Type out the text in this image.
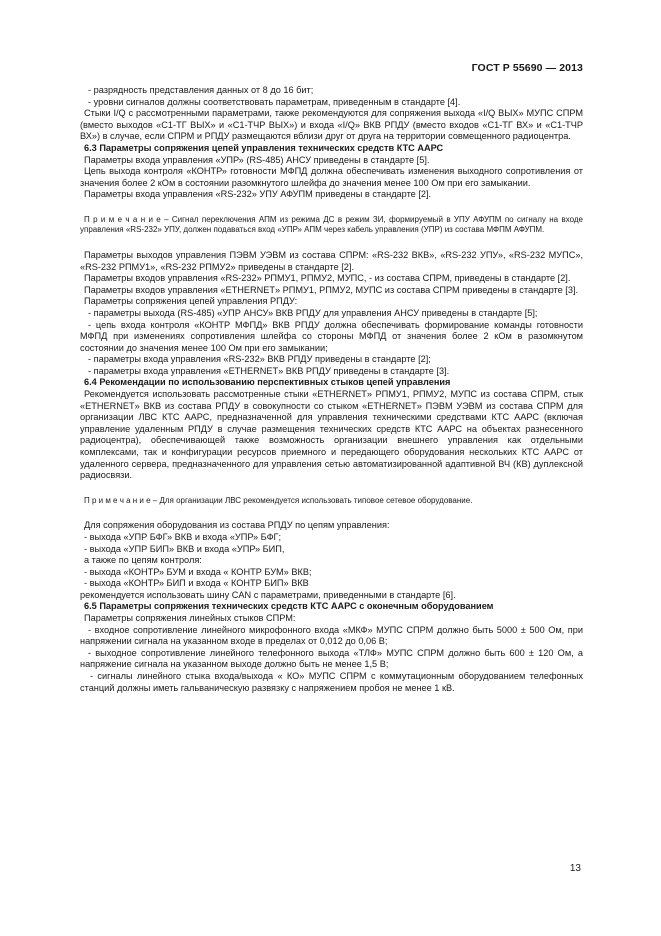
ГОСТ Р 55690 — 2013

- разрядность представления данных от 8 до 16 бит;

- уровни сигналов должны соответствовать параметрам, приведенным в стандарте [4].

Стыки I/Q с рассмотренными параметрами, также рекомендуются для сопряжения выхода «I/Q ВЫХ» МУПС СПРМ (вместо выходов «С1-ТГ ВЫХ» и «С1-ТЧР ВЫХ») и входа «I/Q» ВКВ РПДУ (вместо входов «С1-ТГ ВХ» и «С1-ТЧР ВХ») в случае, если СПРМ и РПДУ размещаются вблизи друг от друга на территории совмещенного радиоцентра.

6.3 Параметры сопряжения цепей управления технических средств КТС ААРС

Параметры входа управления «УПР» (RS-485) АНСУ приведены в стандарте [5].

Цепь выхода контроля «КОНТР» готовности МФПД должна обеспечивать изменения выходного сопротивления от значения более 2 кОм в состоянии разомкнутого шлейфа до значения менее 100 Ом при его замыкании.

Параметры входа управления «RS-232» УПУ АФУПМ приведены в стандарте [2].

П р и м е ч а н и е – Сигнал переключения АПМ из режима ДС в режим ЗИ, формируемый в УПУ АФУПМ по сигналу на входе управления «RS-232» УПУ, должен подаваться вход «УПР» АПМ через кабель управления (УПР) из состава МФПМ АФУПМ.

Параметры выходов управления ПЭВМ УЭВМ из состава СПРМ: «RS-232 ВКВ», «RS-232 УПУ», «RS-232 МУПС», «RS-232 РПМУ1», «RS-232 РПМУ2» приведены в стандарте [2].

Параметры входов управления «RS-232» РПМУ1, РПМУ2, МУПС, - из состава СПРМ, приведены в стандарте [2].

Параметры входов управления «ETHERNET» РПМУ1, РПМУ2, МУПС из состава СПРМ приведены в стандарте [3].

Параметры сопряжения цепей управления РПДУ:

- параметры выхода (RS-485) «УПР АНСУ» ВКВ РПДУ для управления АНСУ приведены в стандарте [5];

- цепь входа контроля «КОНТР МФПД» ВКВ РПДУ должна обеспечивать формирование команды готовности МФПД при изменениях сопротивления шлейфа со стороны МФПД от значения более 2 кОм в разомкнутом состоянии до значения менее 100 Ом при его замыкании;

- параметры входа управления «RS-232» ВКВ РПДУ приведены в стандарте [2];

- параметры входа управления «ETHERNET» ВКВ РПДУ приведены в стандарте [3].

6.4 Рекомендации по использованию перспективных стыков цепей управления

Рекомендуется использовать рассмотренные стыки «ETHERNET» РПМУ1, РПМУ2, МУПС из состава СПРМ, стык «ETHERNET» ВКВ из состава РПДУ в совокупности со стыком «ETHERNET» ПЭВМ УЭВМ из состава СПРМ для организации ЛВС КТС ААРС, предназначенной для управления техническими средствами КТС ААРС (включая управление удаленным РПДУ в случае размещения технических средств КТС ААРС на объектах разнесенного радиоцентра), обеспечивающей также возможность организации внешнего управления как отдельными комплексами, так и конфигурации ресурсов приемного и передающего оборудования нескольких КТС ААРС от удаленного сервера, предназначенного для управления сетью автоматизированной адаптивной ВЧ (КВ) дуплексной радиосвязи.

П р и м е ч а н и е – Для организации ЛВС рекомендуется использовать типовое сетевое оборудование.

Для сопряжения оборудования из состава РПДУ по цепям управления:

- выхода «УПР БФГ» ВКВ и входа «УПР» БФГ;

- выхода «УПР БИП» ВКВ и входа «УПР» БИП,

а также по цепям контроля:

- выхода «КОНТР» БУМ и входа « КОНТР БУМ» ВКВ;

- выхода «КОНТР» БИП и входа « КОНТР БИП» ВКВ

рекомендуется использовать шину CAN с параметрами, приведенными в стандарте [6].

6.5 Параметры сопряжения технических средств КТС ААРС с оконечным оборудованием

Параметры сопряжения линейных стыков СПРМ:

- входное сопротивление линейного микрофонного входа «МКФ» МУПС СПРМ должно быть 5000 ± 500 Ом, при напряжении сигнала на указанном входе в пределах от 0,012 до 0,06 В;

- выходное сопротивление линейного телефонного выхода «ТЛФ» МУПС СПРМ должно быть 600 ± 120 Ом, а напряжение сигнала на указанном выходе должно быть не менее 1,5 В;

- сигналы линейного стыка входа/выхода « КО» МУПС СПРМ с коммутационным оборудованием телефонных станций должны иметь гальваническую развязку с напряжением пробоя не менее 1 кВ.

13
